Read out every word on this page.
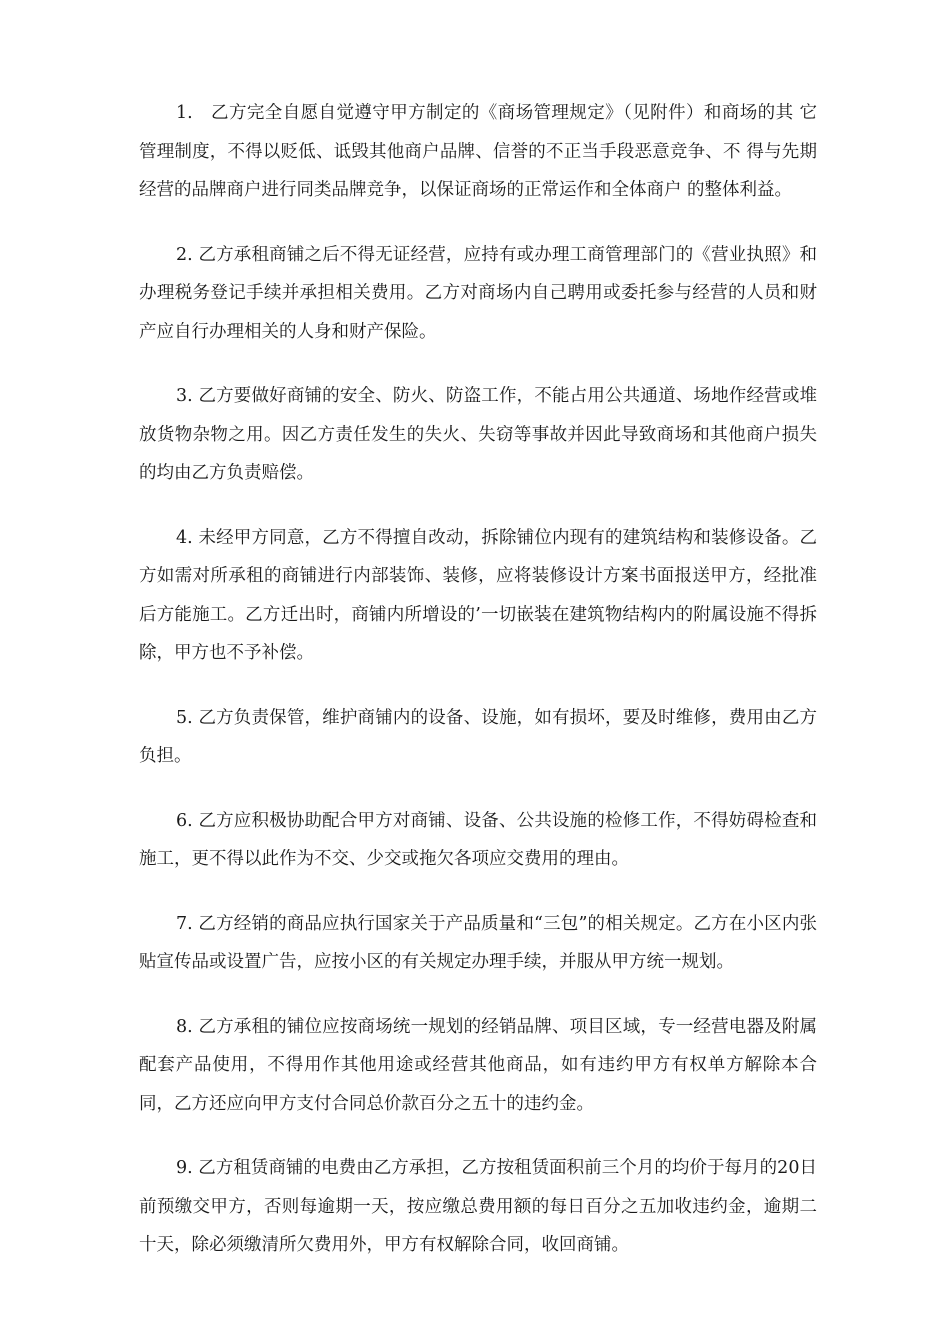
1.　乙方完全自愿自觉遵守甲方制定的《商场管理规定》（见附件）和商场的其 它管理制度，不得以贬低、诋毁其他商户品牌、信誉的不正当手段恶意竞争、不 得与先期经营的品牌商户进行同类品牌竞争，以保证商场的正常运作和全体商户 的整体利益。

2. 乙方承租商铺之后不得无证经营，应持有或办理工商管理部门的《营业执照》和办理税务登记手续并承担相关费用。乙方对商场内自己聘用或委托参与经营的人员和财产应自行办理相关的人身和财产保险。

3. 乙方要做好商铺的安全、防火、防盗工作，不能占用公共通道、场地作经营或堆放货物杂物之用。因乙方责任发生的失火、失窃等事故并因此导致商场和其他商户损失的均由乙方负责赔偿。

4. 未经甲方同意，乙方不得擅自改动，拆除铺位内现有的建筑结构和装修设备。乙方如需对所承租的商铺进行内部装饰、装修，应将装修设计方案书面报送甲方，经批准后方能施工。乙方迁出时，商铺内所增设的’一切嵌装在建筑物结构内的附属设施不得拆除，甲方也不予补偿。

5. 乙方负责保管，维护商铺内的设备、设施，如有损坏，要及时维修，费用由乙方负担。

6. 乙方应积极协助配合甲方对商铺、设备、公共设施的检修工作，不得妨碍检查和施工，更不得以此作为不交、少交或拖欠各项应交费用的理由。

7. 乙方经销的商品应执行国家关于产品质量和“三包”的相关规定。乙方在小区内张贴宣传品或设置广告，应按小区的有关规定办理手续，并服从甲方统一规划。

8. 乙方承租的铺位应按商场统一规划的经销品牌、项目区域，专一经营电器及附属配套产品使用，不得用作其他用途或经营其他商品，如有违约甲方有权单方解除本合同，乙方还应向甲方支付合同总价款百分之五十的违约金。

9. 乙方租赁商铺的电费由乙方承担，乙方按租赁面积前三个月的均价于每月的20日前预缴交甲方，否则每逾期一天，按应缴总费用额的每日百分之五加收违约金，逾期二十天，除必须缴清所欠费用外，甲方有权解除合同，收回商铺。
